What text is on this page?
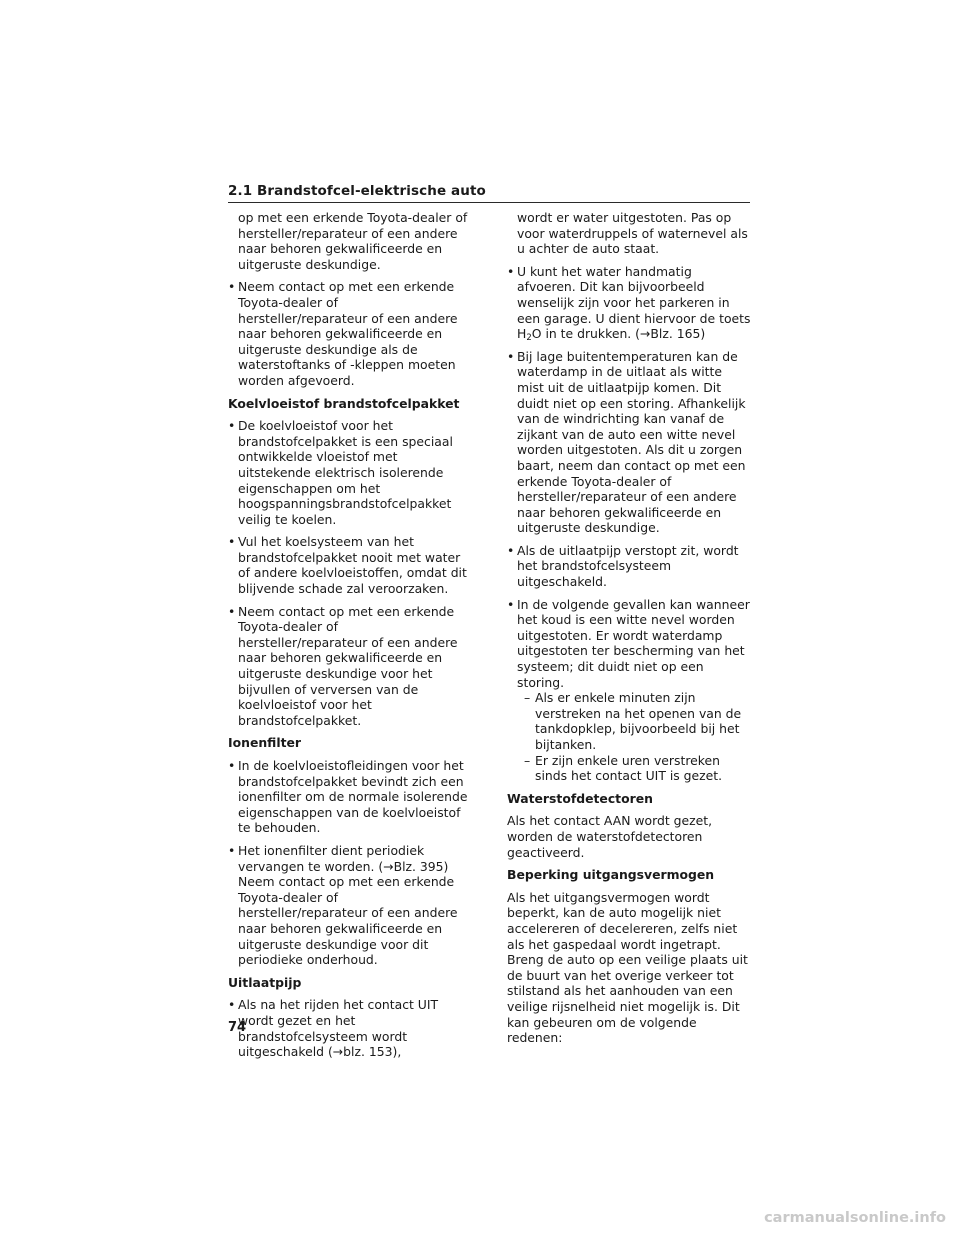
2.1 Brandstofcel-elektrische auto

op met een erkende Toyota-dealer of hersteller/reparateur of een andere naar behoren gekwalificeerde en uitgeruste deskundige.

• Neem contact op met een erkende Toyota-dealer of hersteller/reparateur of een andere naar behoren gekwalificeerde en uitgeruste deskundige als de waterstoftanks of -kleppen moeten worden afgevoerd.

Koelvloeistof brandstofcelpakket

• De koelvloeistof voor het brandstofcelpakket is een speciaal ontwikkelde vloeistof met uitstekende elektrisch isolerende eigenschappen om het hoogspanningsbrandstofcelpakket veilig te koelen.
• Vul het koelsysteem van het brandstofcelpakket nooit met water of andere koelvloeistoffen, omdat dit blijvende schade zal veroorzaken.
• Neem contact op met een erkende Toyota-dealer of hersteller/reparateur of een andere naar behoren gekwalificeerde en uitgeruste deskundige voor het bijvullen of verversen van de koelvloeistof voor het brandstofcelpakket.

Ionenfilter

• In de koelvloeistofleidingen voor het brandstofcelpakket bevindt zich een ionenfilter om de normale isolerende eigenschappen van de koelvloeistof te behouden.
• Het ionenfilter dient periodiek vervangen te worden. (→Blz. 395)
Neem contact op met een erkende Toyota-dealer of hersteller/reparateur of een andere naar behoren gekwalificeerde en uitgeruste deskundige voor dit periodieke onderhoud.

Uitlaatpijp

• Als na het rijden het contact UIT wordt gezet en het brandstofcelsysteem wordt uitgeschakeld (→blz. 153),

wordt er water uitgestoten. Pas op voor waterdruppels of waternevel als u achter de auto staat.

• U kunt het water handmatig afvoeren. Dit kan bijvoorbeeld wenselijk zijn voor het parkeren in een garage. U dient hiervoor de toets $H_2O$ in te drukken. (→Blz. 165)
• Bij lage buitentemperaturen kan de waterdamp in de uitlaat als witte mist uit de uitlaatpijp komen. Dit duidt niet op een storing. Afhankelijk van de windrichting kan vanaf de zijkant van de auto een witte nevel worden uitgestoten. Als dit u zorgen baart, neem dan contact op met een erkende Toyota-dealer of hersteller/reparateur of een andere naar behoren gekwalificeerde en uitgeruste deskundige.
• Als de uitlaatpijp verstopt zit, wordt het brandstofcelsysteem uitgeschakeld.
• In de volgende gevallen kan wanneer het koud is een witte nevel worden uitgestoten. Er wordt waterdamp uitgestoten ter bescherming van het systeem; dit duidt niet op een storing.
– Als er enkele minuten zijn verstreken na het openen van de tankdopklep, bijvoorbeeld bij het bijtanken.
– Er zijn enkele uren verstreken sinds het contact UIT is gezet.

Waterstofdetectoren

Als het contact AAN wordt gezet, worden de waterstofdetectoren geactiveerd.

Beperking uitgangsvermogen

Als het uitgangsvermogen wordt beperkt, kan de auto mogelijk niet accelereren of decelereren, zelfs niet als het gaspedaal wordt ingetrapt. Breng de auto op een veilige plaats uit de buurt van het overige verkeer tot stilstand als het aanhouden van een veilige rijsnelheid niet mogelijk is. Dit kan gebeuren om de volgende redenen:

74
carmanualsonline.info
